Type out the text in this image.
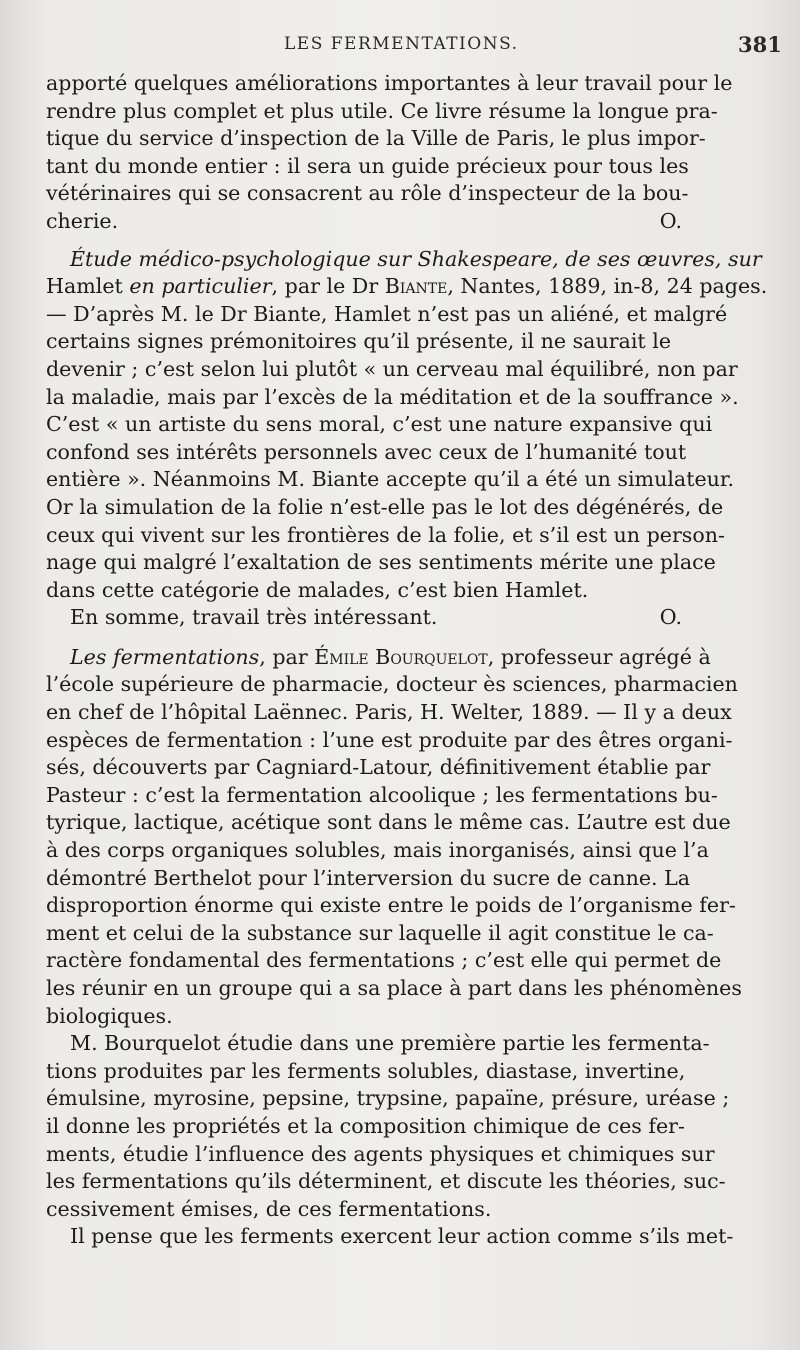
LES FERMENTATIONS.	381
apporté quelques améliorations importantes à leur travail pour le
rendre plus complet et plus utile. Ce livre résume la longue pra-
tique du service d’inspection de la Ville de Paris, le plus impor-
tant du monde entier : il sera un guide précieux pour tous les
vétérinaires qui se consacrent au rôle d’inspecteur de la bou-
cherie.	O.
Étude médico-psychologique sur Shakespeare, de ses œuvres, sur
Hamlet en particulier , par le Dr Biante , Nantes, 1889, in-8, 24 pages.
— D’après M. le Dr Biante, Hamlet n’est pas un aliéné, et malgré
certains signes prémonitoires qu’il présente, il ne saurait le
devenir ; c’est selon lui plutôt « un cerveau mal équilibré, non par
la maladie, mais par l’excès de la méditation et de la souffrance ».
C’est « un artiste du sens moral, c’est une nature expansive qui
confond ses intérêts personnels avec ceux de l’humanité tout
entière ». Néanmoins M. Biante accepte qu’il a été un simulateur.
Or la simulation de la folie n’est-elle pas le lot des dégénérés, de
ceux qui vivent sur les frontières de la folie, et s’il est un person-
nage qui malgré l’exaltation de ses sentiments mérite une place
dans cette catégorie de malades, c’est bien Hamlet.
En somme, travail très intéressant.	O.
Les fermentations , par Émile Bourquelot , professeur agrégé à
l’école supérieure de pharmacie, docteur ès sciences, pharmacien
en chef de l’hôpital Laënnec. Paris, H. Welter, 1889. — Il y a deux
espèces de fermentation : l’une est produite par des êtres organi-
sés, découverts par Cagniard-Latour, définitivement établie par
Pasteur : c’est la fermentation alcoolique ; les fermentations bu-
tyrique, lactique, acétique sont dans le même cas. L’autre est due
à des corps organiques solubles, mais inorganisés, ainsi que l’a
démontré Berthelot pour l’interversion du sucre de canne. La
disproportion énorme qui existe entre le poids de l’organisme fer-
ment et celui de la substance sur laquelle il agit constitue le ca-
ractère fondamental des fermentations ; c’est elle qui permet de
les réunir en un groupe qui a sa place à part dans les phénomènes
biologiques.
M. Bourquelot étudie dans une première partie les fermenta-
tions produites par les ferments solubles, diastase, invertine,
émulsine, myrosine, pepsine, trypsine, papaïne, présure, uréase ;
il donne les propriétés et la composition chimique de ces fer-
ments, étudie l’influence des agents physiques et chimiques sur
les fermentations qu’ils déterminent, et discute les théories, suc-
cessivement émises, de ces fermentations.
Il pense que les ferments exercent leur action comme s’ils met-
